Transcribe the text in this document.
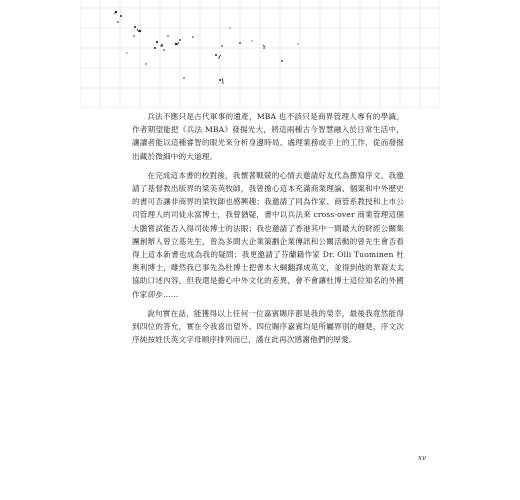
兵法不應只是古代軍事的遺產，MBA 也不該只是商界管理人專有的學識。作者期望能把《兵法 MBA》發揚光大，將這兩種古今智慧融入於日常生活中，讓讀者能以這種睿智的眼光來分析身邊時局、處理業務或手上的工作，從而發掘出藏於微細中的大道理。

在完成這本書的校對後，我懷著戰兢的心情去邀請好友代為撰寫序文。我邀請了基督教出版界的梁美英牧師，我曾擔心這本充滿商業理論、個案和中外歷史的書可否讓非商界的梁牧師也感興趣；我邀請了同為作家、商管系教授和上市公司管理人的司徒永富博士，我曾猶疑，書中以兵法來 cross-over 商業管理這個大膽嘗試能否入得司徒博士的法眼；我也邀請了香港其中一間最大的財經公關集團創辦人曾立基先生，曾為多間大企業策劃企業傳訊和公關活動的曾先生會否看得上這本新書也成為我的疑問；我更邀請了芬蘭籍作家 Dr. Olli Tuominen 杜奧利博士，雖然我已事先為杜博士把書本大綱翻譯成英文，並得到他的華裔太太協助口述內容，但我還是擔心中外文化的差異，會不會讓杜博士這位知名的外國作家卻步……

說句實在話，能獲得以上任何一位嘉賓賜序都是我的榮幸，最後我竟然能得到四位的答允，實在令我喜出望外。四位賜序嘉賓均是所屬界別的翹楚，序文次序純按姓氏英文字母順序排列而已，謹在此再次感謝他們的厚愛。

xv
